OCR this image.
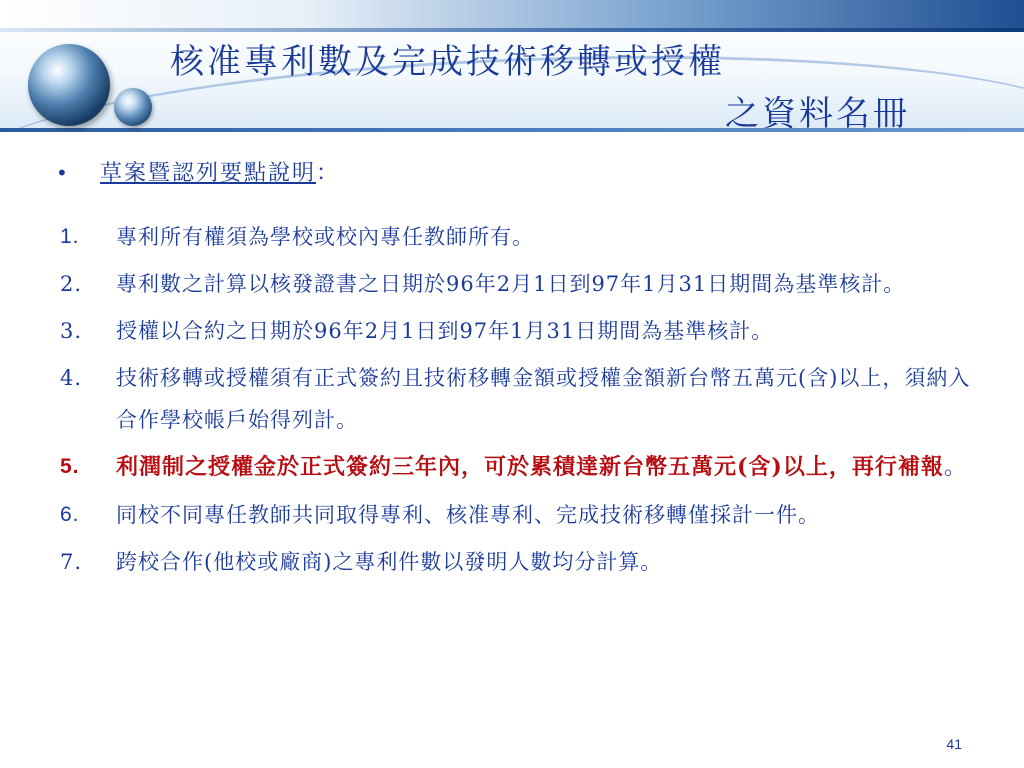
核准專利數及完成技術移轉或授權
之資料名冊
• 草案暨認列要點說明：
1.	專利所有權須為學校或校內專任教師所有。
2.	專利數之計算以核發證書之日期於96年2月1日到97年1月31日期間為基準核計。
3.	授權以合約之日期於96年2月1日到97年1月31日期間為基準核計。
4.	技術移轉或授權須有正式簽約且技術移轉金額或授權金額新台幣五萬元(含)以上，須納入合作學校帳戶始得列計。
5.	利潤制之授權金於正式簽約三年內，可於累積達新台幣五萬元(含)以上，再行補報。
6.	同校不同專任教師共同取得專利、核准專利、完成技術移轉僅採計一件。
7.	跨校合作(他校或廠商)之專利件數以發明人數均分計算。
41
